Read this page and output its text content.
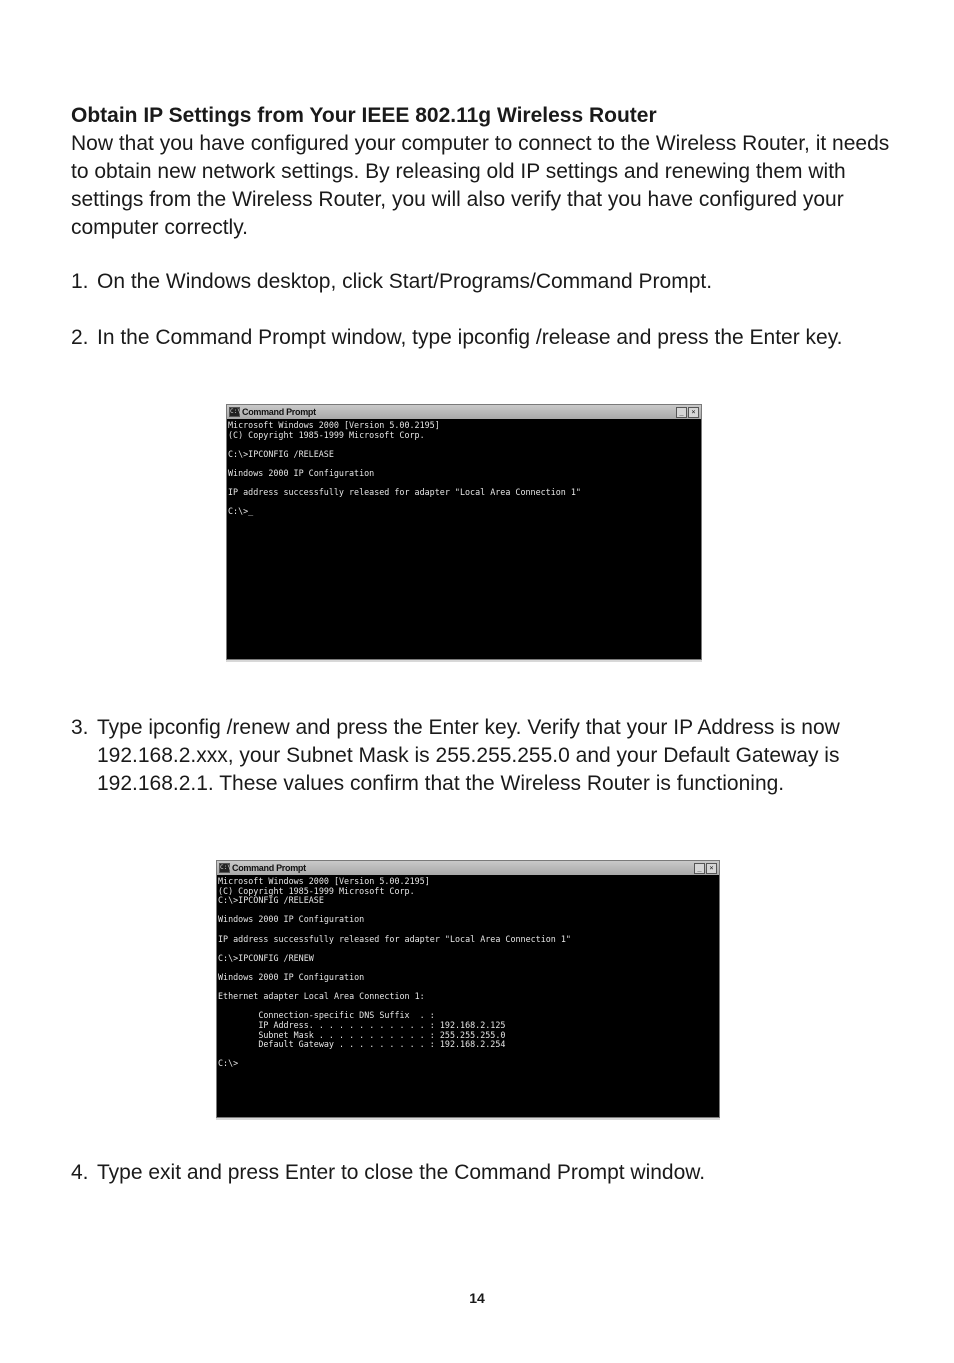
Obtain IP Settings from Your IEEE 802.11g Wireless Router
Now that you have configured your computer to connect to the Wireless Router, it needs to obtain new network settings. By releasing old IP settings and renewing them with settings from the Wireless Router, you will also verify that you have configured your computer correctly.
1. On the Windows desktop, click Start/Programs/Command Prompt.
2. In the Command Prompt window, type ipconfig /release and press the Enter key.
C:\ Command Prompt	_	×
Microsoft Windows 2000 [Version 5.00.2195]
(C) Copyright 1985-1999 Microsoft Corp.
C:\>IPCONFIG /RELEASE
Windows 2000 IP Configuration
IP address successfully released for adapter "Local Area Connection 1"
C:\>_
3. Type ipconfig /renew and press the Enter key. Verify that your IP Address is now 192.168.2.xxx, your Subnet Mask is 255.255.255.0 and your Default Gateway is 192.168.2.1. These values confirm that the Wireless Router is functioning.
C:\ Command Prompt	_	×
Microsoft Windows 2000 [Version 5.00.2195]
(C) Copyright 1985-1999 Microsoft Corp.
C:\>IPCONFIG /RELEASE
Windows 2000 IP Configuration
IP address successfully released for adapter "Local Area Connection 1"
C:\>IPCONFIG /RENEW
Windows 2000 IP Configuration
Ethernet adapter Local Area Connection 1:
Connection-specific DNS Suffix  . :
IP Address. . . . . . . . . . . . : 192.168.2.125
Subnet Mask . . . . . . . . . . . : 255.255.255.0
Default Gateway . . . . . . . . . : 192.168.2.254
C:\>
4. Type exit and press Enter to close the Command Prompt window.
14
